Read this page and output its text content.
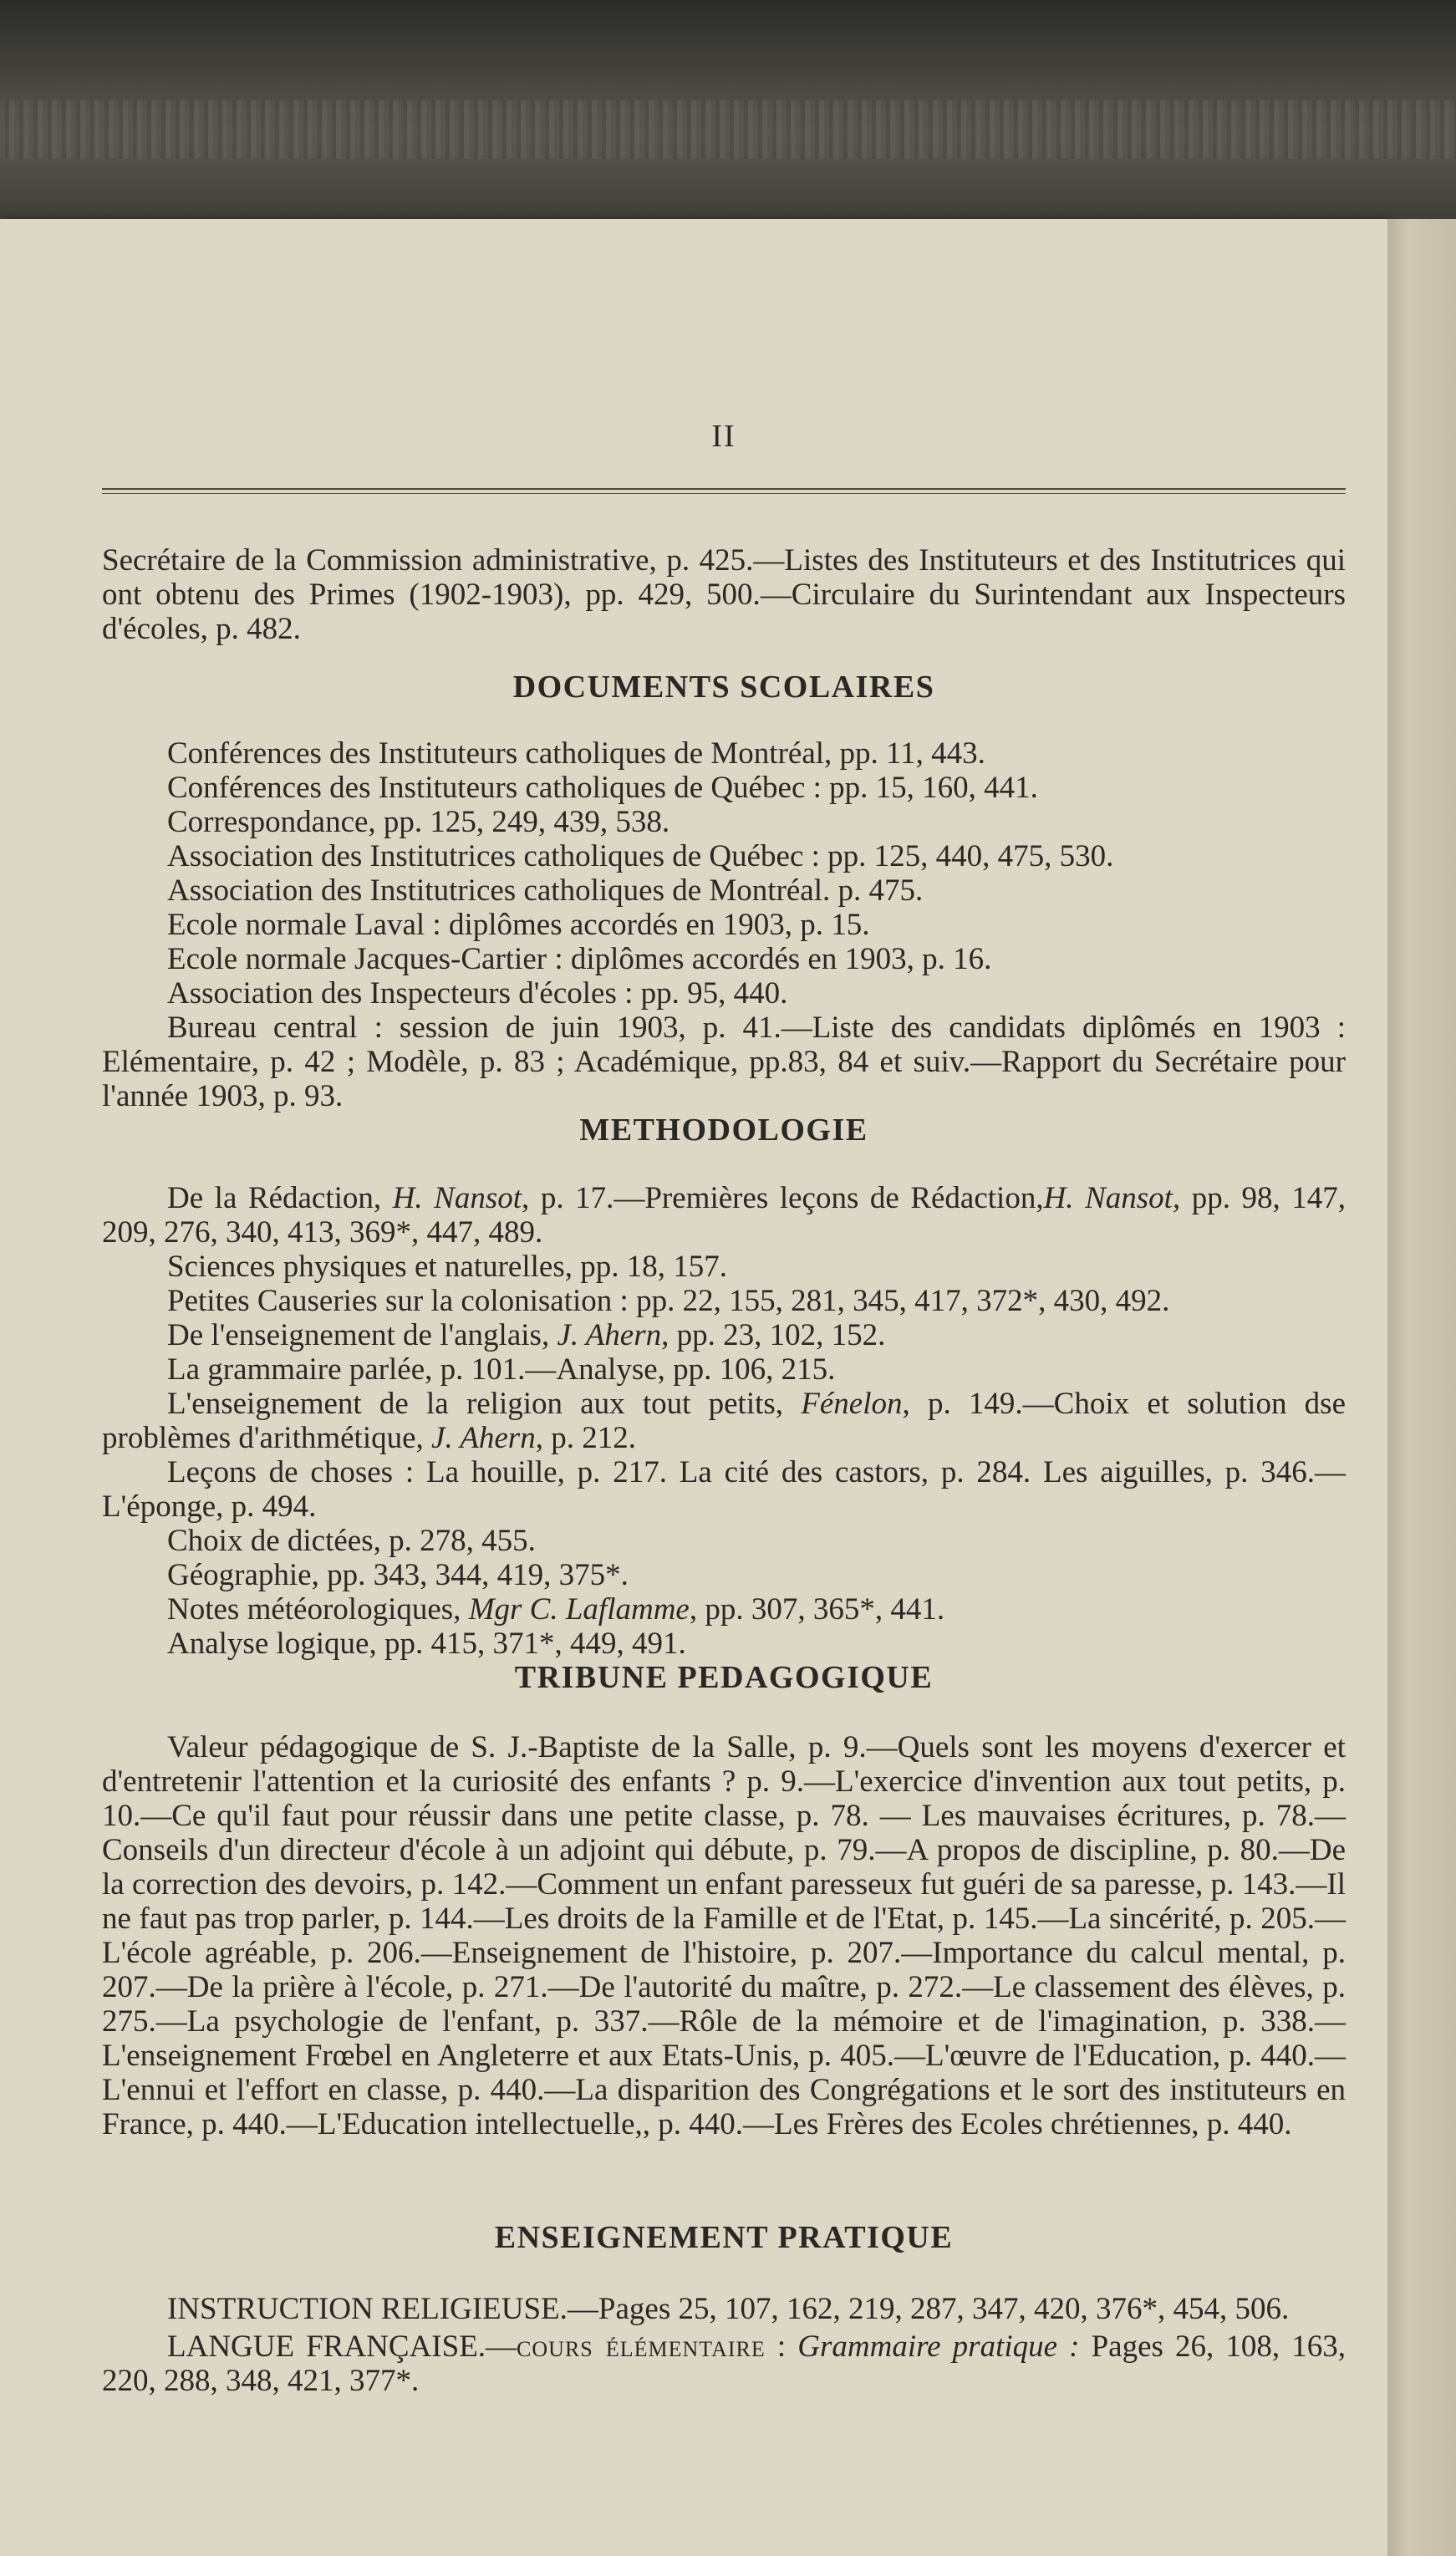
II

Secrétaire de la Commission administrative, p. 425.—Listes des Instituteurs et des Institutrices qui ont obtenu des Primes (1902-1903), pp. 429, 500.—Circulaire du Surintendant aux Inspecteurs d'écoles, p. 482.

DOCUMENTS SCOLAIRES

Conférences des Instituteurs catholiques de Montréal, pp. 11, 443.

Conférences des Instituteurs catholiques de Québec : pp. 15, 160, 441.

Correspondance, pp. 125, 249, 439, 538.

Association des Institutrices catholiques de Québec : pp. 125, 440, 475, 530.

Association des Institutrices catholiques de Montréal. p. 475.

Ecole normale Laval : diplômes accordés en 1903, p. 15.

Ecole normale Jacques-Cartier : diplômes accordés en 1903, p. 16.

Association des Inspecteurs d'écoles : pp. 95, 440.

Bureau central : session de juin 1903, p. 41.—Liste des candidats diplômés en 1903 : Elémentaire, p. 42 ; Modèle, p. 83 ; Académique, pp.83, 84 et suiv.—Rapport du Secrétaire pour l'année 1903, p. 93.

METHODOLOGIE

De la Rédaction, H. Nansot, p. 17.—Premières leçons de Rédaction,H. Nansot, pp. 98, 147, 209, 276, 340, 413, 369*, 447, 489.

Sciences physiques et naturelles, pp. 18, 157.

Petites Causeries sur la colonisation : pp. 22, 155, 281, 345, 417, 372*, 430, 492.

De l'enseignement de l'anglais, J. Ahern, pp. 23, 102, 152.

La grammaire parlée, p. 101.—Analyse, pp. 106, 215.

L'enseignement de la religion aux tout petits, Fénelon, p. 149.—Choix et solution dse problèmes d'arithmétique, J. Ahern, p. 212.

Leçons de choses : La houille, p. 217. La cité des castors, p. 284. Les aiguilles, p. 346.—L'éponge, p. 494.

Choix de dictées, p. 278, 455.

Géographie, pp. 343, 344, 419, 375*.

Notes météorologiques, Mgr C. Laflamme, pp. 307, 365*, 441.

Analyse logique, pp. 415, 371*, 449, 491.

TRIBUNE PEDAGOGIQUE

Valeur pédagogique de S. J.-Baptiste de la Salle, p. 9.—Quels sont les moyens d'exercer et d'entretenir l'attention et la curiosité des enfants ? p. 9.—L'exercice d'invention aux tout petits, p. 10.—Ce qu'il faut pour réussir dans une petite classe, p. 78. — Les mauvaises écritures, p. 78.—Conseils d'un directeur d'école à un adjoint qui débute, p. 79.—A propos de discipline, p. 80.—De la correction des devoirs, p. 142.—Comment un enfant paresseux fut guéri de sa paresse, p. 143.—Il ne faut pas trop parler, p. 144.—Les droits de la Famille et de l'Etat, p. 145.—La sincérité, p. 205.—L'école agréable, p. 206.—Enseignement de l'histoire, p. 207.—Importance du calcul mental, p. 207.—De la prière à l'école, p. 271.—De l'autorité du maître, p. 272.—Le classement des élèves, p. 275.—La psychologie de l'enfant, p. 337.—Rôle de la mémoire et de l'imagination, p. 338.—L'enseignement Frœbel en Angleterre et aux Etats-Unis, p. 405.—L'œuvre de l'Education, p. 440.—L'ennui et l'effort en classe, p. 440.—La disparition des Congrégations et le sort des instituteurs en France, p. 440.—L'Education intellectuelle,, p. 440.—Les Frères des Ecoles chrétiennes, p. 440.

ENSEIGNEMENT PRATIQUE

INSTRUCTION RELIGIEUSE.—Pages 25, 107, 162, 219, 287, 347, 420, 376*, 454, 506.

LANGUE FRANÇAISE.—cours élémentaire : Grammaire pratique : Pages 26, 108, 163, 220, 288, 348, 421, 377*.
